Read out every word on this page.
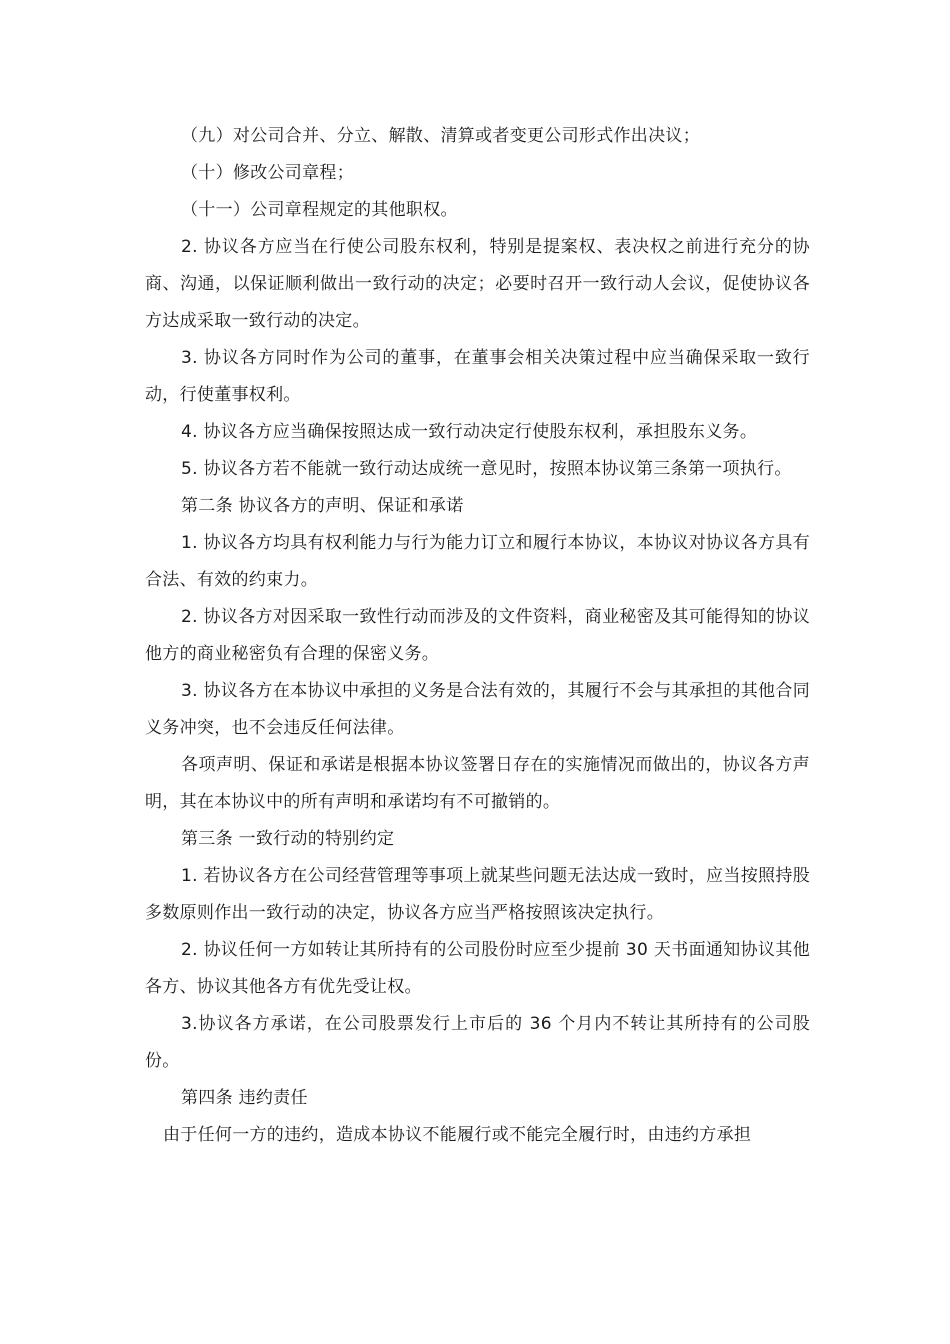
（九）对公司合并、分立、解散、清算或者变更公司形式作出决议；

（十）修改公司章程；

（十一）公司章程规定的其他职权。

2. 协议各方应当在行使公司股东权利，特别是提案权、表决权之前进行充分的协商、沟通，以保证顺利做出一致行动的决定；必要时召开一致行动人会议，促使协议各方达成采取一致行动的决定。

3. 协议各方同时作为公司的董事，在董事会相关决策过程中应当确保采取一致行动，行使董事权利。

4. 协议各方应当确保按照达成一致行动决定行使股东权利，承担股东义务。

5. 协议各方若不能就一致行动达成统一意见时，按照本协议第三条第一项执行。

第二条 协议各方的声明、保证和承诺

1. 协议各方均具有权利能力与行为能力订立和履行本协议，本协议对协议各方具有合法、有效的约束力。

2. 协议各方对因采取一致性行动而涉及的文件资料，商业秘密及其可能得知的协议他方的商业秘密负有合理的保密义务。

3. 协议各方在本协议中承担的义务是合法有效的，其履行不会与其承担的其他合同义务冲突，也不会违反任何法律。

各项声明、保证和承诺是根据本协议签署日存在的实施情况而做出的，协议各方声明，其在本协议中的所有声明和承诺均有不可撤销的。

第三条 一致行动的特别约定

1. 若协议各方在公司经营管理等事项上就某些问题无法达成一致时，应当按照持股多数原则作出一致行动的决定，协议各方应当严格按照该决定执行。

2. 协议任何一方如转让其所持有的公司股份时应至少提前 30 天书面通知协议其他各方、协议其他各方有优先受让权。

3.协议各方承诺，在公司股票发行上市后的 36 个月内不转让其所持有的公司股份。

第四条 违约责任

由于任何一方的违约，造成本协议不能履行或不能完全履行时，由违约方承担
